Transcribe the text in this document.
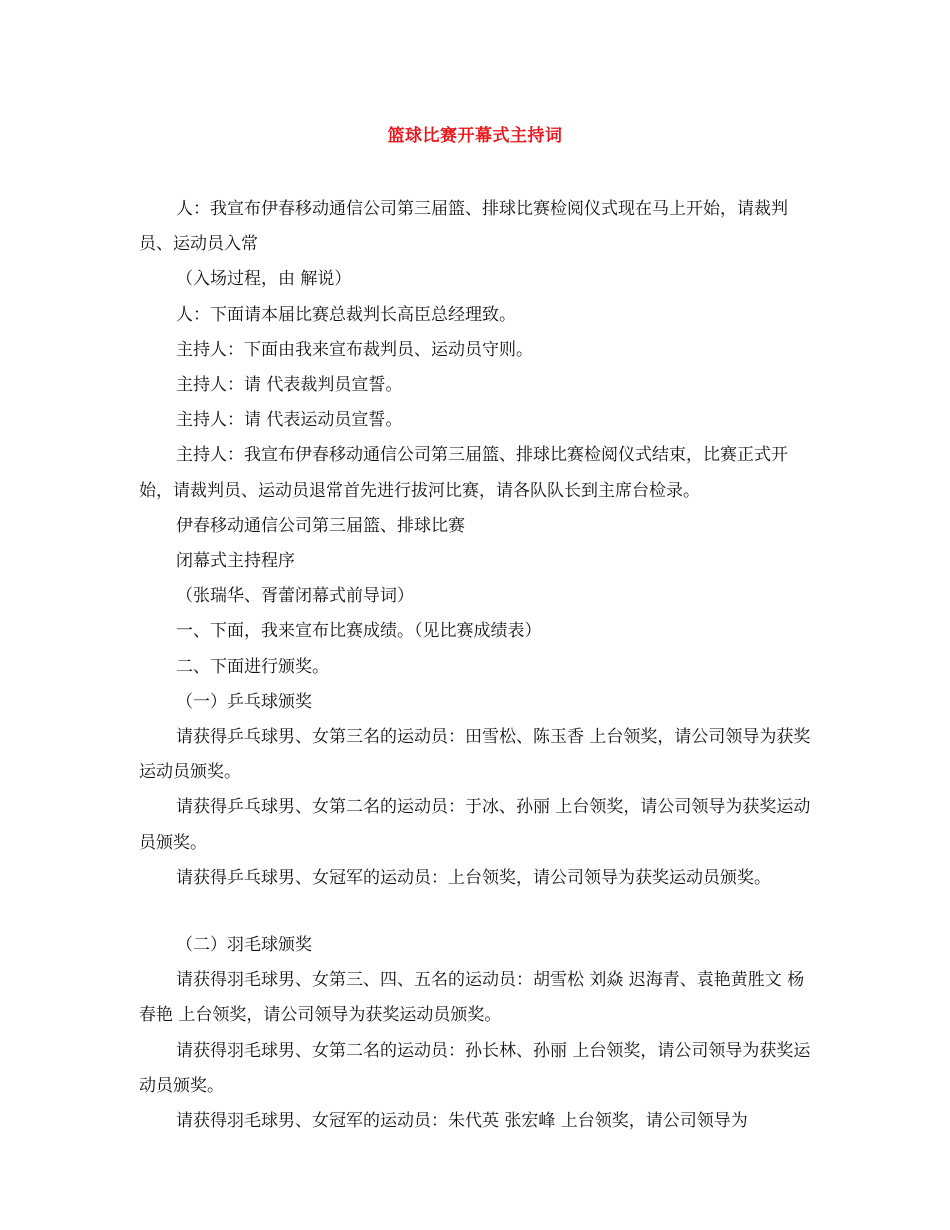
篮球比赛开幕式主持词

人：我宣布伊春移动通信公司第三届篮、排球比赛检阅仪式现在马上开始，请裁判员、运动员入常

（入场过程，由 解说）

人：下面请本届比赛总裁判长高臣总经理致。

主持人：下面由我来宣布裁判员、运动员守则。

主持人：请 代表裁判员宣誓。

主持人：请 代表运动员宣誓。

主持人：我宣布伊春移动通信公司第三届篮、排球比赛检阅仪式结束，比赛正式开始，请裁判员、运动员退常首先进行拔河比赛，请各队队长到主席台检录。

伊春移动通信公司第三届篮、排球比赛

闭幕式主持程序

（张瑞华、胥蕾闭幕式前导词）

一、下面，我来宣布比赛成绩。（见比赛成绩表）

二、下面进行颁奖。

（一）乒乓球颁奖

请获得乒乓球男、女第三名的运动员：田雪松、陈玉香 上台领奖，请公司领导为获奖运动员颁奖。

请获得乒乓球男、女第二名的运动员：于冰、孙丽 上台领奖，请公司领导为获奖运动员颁奖。

请获得乒乓球男、女冠军的运动员：上台领奖，请公司领导为获奖运动员颁奖。

（二）羽毛球颁奖

请获得羽毛球男、女第三、四、五名的运动员：胡雪松 刘焱 迟海青、袁艳黄胜文 杨春艳 上台领奖，请公司领导为获奖运动员颁奖。

请获得羽毛球男、女第二名的运动员：孙长林、孙丽 上台领奖，请公司领导为获奖运动员颁奖。

请获得羽毛球男、女冠军的运动员：朱代英 张宏峰 上台领奖，请公司领导为
